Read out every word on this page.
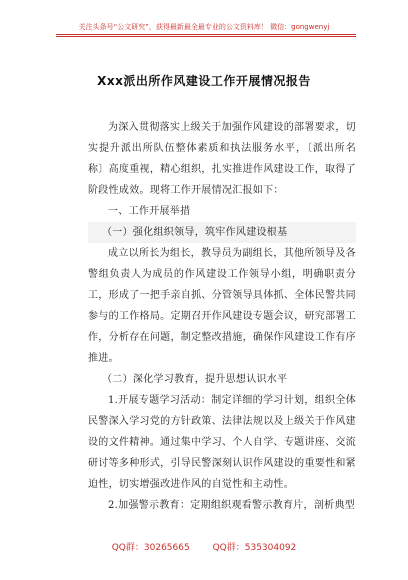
关注头条号“公文研究”，获得最新最全最专业的公文资料库！ 微信：gongwenyj
Xxx派出所作风建设工作开展情况报告

为深入贯彻落实上级关于加强作风建设的部署要求，切实提升派出所队伍整体素质和执法服务水平，〔派出所名称〕高度重视，精心组织，扎实推进作风建设工作，取得了阶段性成效。现将工作开展情况汇报如下：

一、工作开展举措

（一）强化组织领导，筑牢作风建设根基

成立以所长为组长，教导员为副组长，其他所领导及各警组负责人为成员的作风建设工作领导小组，明确职责分工，形成了一把手亲自抓、分管领导具体抓、全体民警共同参与的工作格局。定期召开作风建设专题会议，研究部署工作，分析存在问题，制定整改措施，确保作风建设工作有序推进。

（二）深化学习教育，提升思想认识水平

1.开展专题学习活动：制定详细的学习计划，组织全体民警深入学习党的方针政策、法律法规以及上级关于作风建设的文件精神。通过集中学习、个人自学、专题讲座、交流研讨等多种形式，引导民警深刻认识作风建设的重要性和紧迫性，切实增强改进作风的自觉性和主动性。

2.加强警示教育：定期组织观看警示教育片，剖析典型

QQ群：30265665	QQ群：535304092
